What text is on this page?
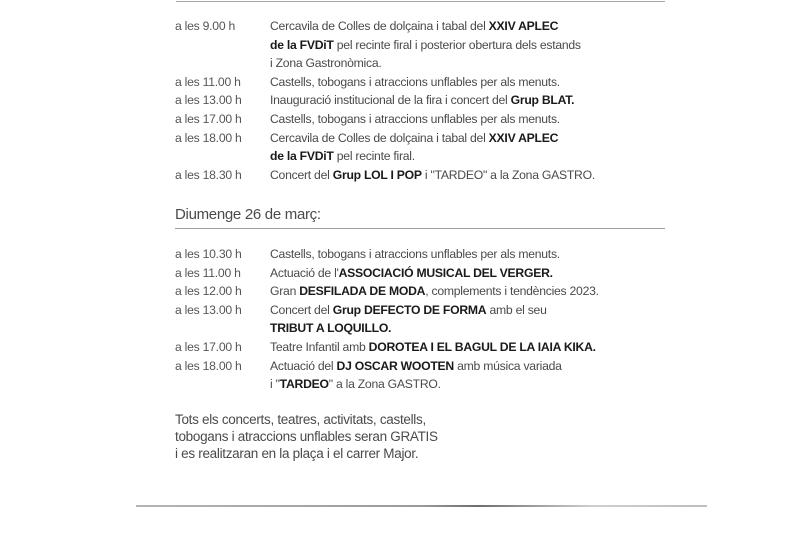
a les 9.00 h	Cercavila de Colles de dolçaina i tabal del XXIV APLEC
de la FVDiT pel recinte firal i posterior obertura dels estands
i Zona Gastronòmica.
a les 11.00 h	Castells, tobogans i atraccions unflables per als menuts.
a les 13.00 h	Inauguració institucional de la fira i concert del Grup BLAT.
a les 17.00 h	Castells, tobogans i atraccions unflables per als menuts.
a les 18.00 h	Cercavila de Colles de dolçaina i tabal del XXIV APLEC
de la FVDiT pel recinte firal.
a les 18.30 h	Concert del Grup LOL I POP i "TARDEO" a la Zona GASTRO.
Diumenge 26 de març:
a les 10.30 h	Castells, tobogans i atraccions unflables per als menuts.
a les 11.00 h	Actuació de l'ASSOCIACIÓ MUSICAL DEL VERGER.
a les 12.00 h	Gran DESFILADA DE MODA, complements i tendències 2023.
a les 13.00 h	Concert del Grup DEFECTO DE FORMA amb el seu
TRIBUT A LOQUILLO.
a les 17.00 h	Teatre Infantil amb DOROTEA I EL BAGUL DE LA IAIA KIKA.
a les 18.00 h	Actuació del DJ OSCAR WOOTEN amb música variada
i "TARDEO" a la Zona GASTRO.
Tots els concerts, teatres, activitats, castells,
tobogans i atraccions unflables seran GRATIS
i es realitzaran en la plaça i el carrer Major.
